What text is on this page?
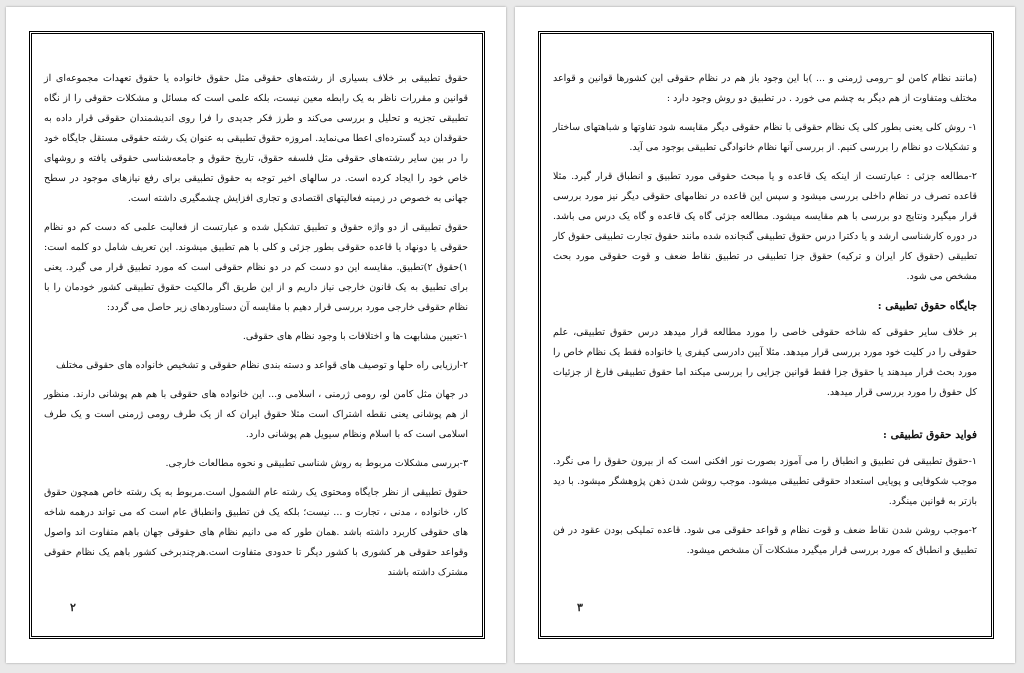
حقوق تطبیقی بر خلاف بسیاری از رشته‌های حقوقی مثل حقوق خانواده یا حقوق تعهدات مجموعه‌ای از قوانین و مقررات ناظر به یک رابطه معین نیست، بلکه علمی است که مسائل و مشکلات حقوقی را از نگاه تطبیقی تجزیه و تحلیل و بررسی می‌کند و طرز فکر جدیدی را فرا روی اندیشمندان حقوقی قرار داده به حقوقدان دید گسترده‌ای اعطا می‌نماید. امروزه حقوق تطبیقی به عنوان یک رشته حقوقی مستقل جایگاه خود را در بین سایر رشته‌های حقوقی مثل فلسفه حقوق، تاریخ حقوق و جامعه‌شناسی حقوقی یافته و روشهای خاص خود را ایجاد کرده است. در سالهای اخیر توجه به حقوق تطبیقی برای رفع نیازهای موجود در سطح جهانی به خصوص در زمینه فعالیتهای اقتصادی و تجاری افزایش چشمگیری داشته است.

حقوق تطبیقی از دو واژه حقوق و تطبیق تشکیل شده و عبارتست از فعالیت علمی که دست کم دو نظام حقوقی یا دونهاد یا قاعده حقوقی بطور جزئی و کلی با هم تطبیق میشوند. این تعریف شامل دو کلمه است: ۱)حقوق ۲)تطبیق. مقایسه این دو دست کم در دو نظام حقوقی است که مورد تطبیق قرار می گیرد. یعنی برای تطبیق به یک قانون خارجی نیاز داریم و از این طریق اگر مالکیت حقوق تطبیقی کشور خودمان را با نظام حقوقی خارجی مورد بررسی قرار دهیم با مقایسه آن دستاوردهای زیر حاصل می گردد:

۱-تعیین مشابهت ها و اختلافات با وجود نظام های حقوقی.

۲-ارزیابی راه حلها و توصیف های قواعد و دسته بندی نظام حقوقی و تشخیص خانواده های حقوقی مختلف

در جهان مثل کامن لو، رومی ژرمنی ، اسلامی و... این خانواده های حقوقی با هم هم پوشانی دارند. منظور از هم پوشانی یعنی نقطه اشتراک است مثلا حقوق ایران که از یک طرف رومی ژرمنی است و یک طرف اسلامی است که با اسلام ونظام سیویل هم پوشانی دارد.

۳-بررسی مشکلات مربوط به روش شناسی تطبیقی و نحوه مطالعات خارجی.

حقوق تطبیقی از نظر جایگاه ومحتوی یک رشته عام الشمول است.مربوط به یک رشته خاص همچون حقوق کار، خانواده ، مدنی ، تجارت و ... نیست؛ بلکه یک فن تطبیق وانطباق عام است که می تواند درهمه شاخه های حقوقی کاربرد داشته باشد .همان طور که می دانیم نظام های حقوقی جهان باهم متفاوت اند واصول وقواعد حقوقی هر کشوری با کشور دیگر تا حدودی متفاوت است.هرچندبرخی کشور باهم یک نظام حقوقی مشترک داشته باشند

۲

(مانند نظام کامن لو –رومی ژرمنی و ... )با این وجود باز هم در نظام حقوقی این کشورها قوانین و قواعد مختلف ومتفاوت از هم دیگر به چشم می خورد . در تطبیق دو روش وجود دارد :

۱- روش کلی یعنی بطور کلی یک نظام حقوقی با نظام حقوقی دیگر مقایسه شود تفاوتها و شباهتهای ساختار و تشکیلات دو نظام را بررسی کنیم. از بررسی آنها نظام خانوادگی تطبیقی بوجود می آید.

۲-مطالعه جزئی : عبارتست از اینکه یک قاعده و یا مبحث حقوقی مورد تطبیق و انطباق قرار گیرد. مثلا قاعده تصرف در نظام داخلی بررسی میشود و سپس این قاعده در نظامهای حقوقی دیگر نیز مورد بررسی قرار میگیرد ونتایج دو بررسی با هم مقایسه میشود. مطالعه جزئی گاه یک قاعده و گاه یک درس می باشد. در دوره کارشناسی ارشد و یا دکترا درس حقوق تطبیقی گنجانده شده مانند حقوق تجارت تطبیقی حقوق کار تطبیقی (حقوق کار ایران و ترکیه) حقوق جزا تطبیقی در تطبیق نقاط ضعف و قوت حقوقی مورد بحث مشخص می شود.

جایگاه حقوق تطبیقی :

بر خلاف سایر حقوقی که شاخه حقوقی خاصی را مورد مطالعه قرار میدهد درس حقوق تطبیقی، علم حقوقی را در کلیت خود مورد بررسی قرار میدهد. مثلا آیین دادرسی کیفری یا خانواده فقط یک نظام خاص را مورد بحث قرار میدهند یا حقوق جزا فقط قوانین جزایی را بررسی میکند اما حقوق تطبیقی فارغ از جزئیات کل حقوق را مورد بررسی قرار میدهد.

فواید حقوق تطبیقی :

۱-حقوق تطبیقی فن تطبیق و انطباق را می آموزد بصورت نور افکنی است که از بیرون حقوق را می نگرد. موجب شکوفایی و پویایی استعداد حقوقی تطبیقی میشود. موجب روشن شدن ذهن پژوهشگر میشود. با دید بازتر به قوانین مینگرد.

۲-موجب روشن شدن نقاط ضعف و قوت نظام و قواعد حقوقی می شود. قاعده تملیکی بودن عقود در فن تطبیق و انطباق که مورد بررسی قرار میگیرد مشکلات آن مشخص میشود.

۳
